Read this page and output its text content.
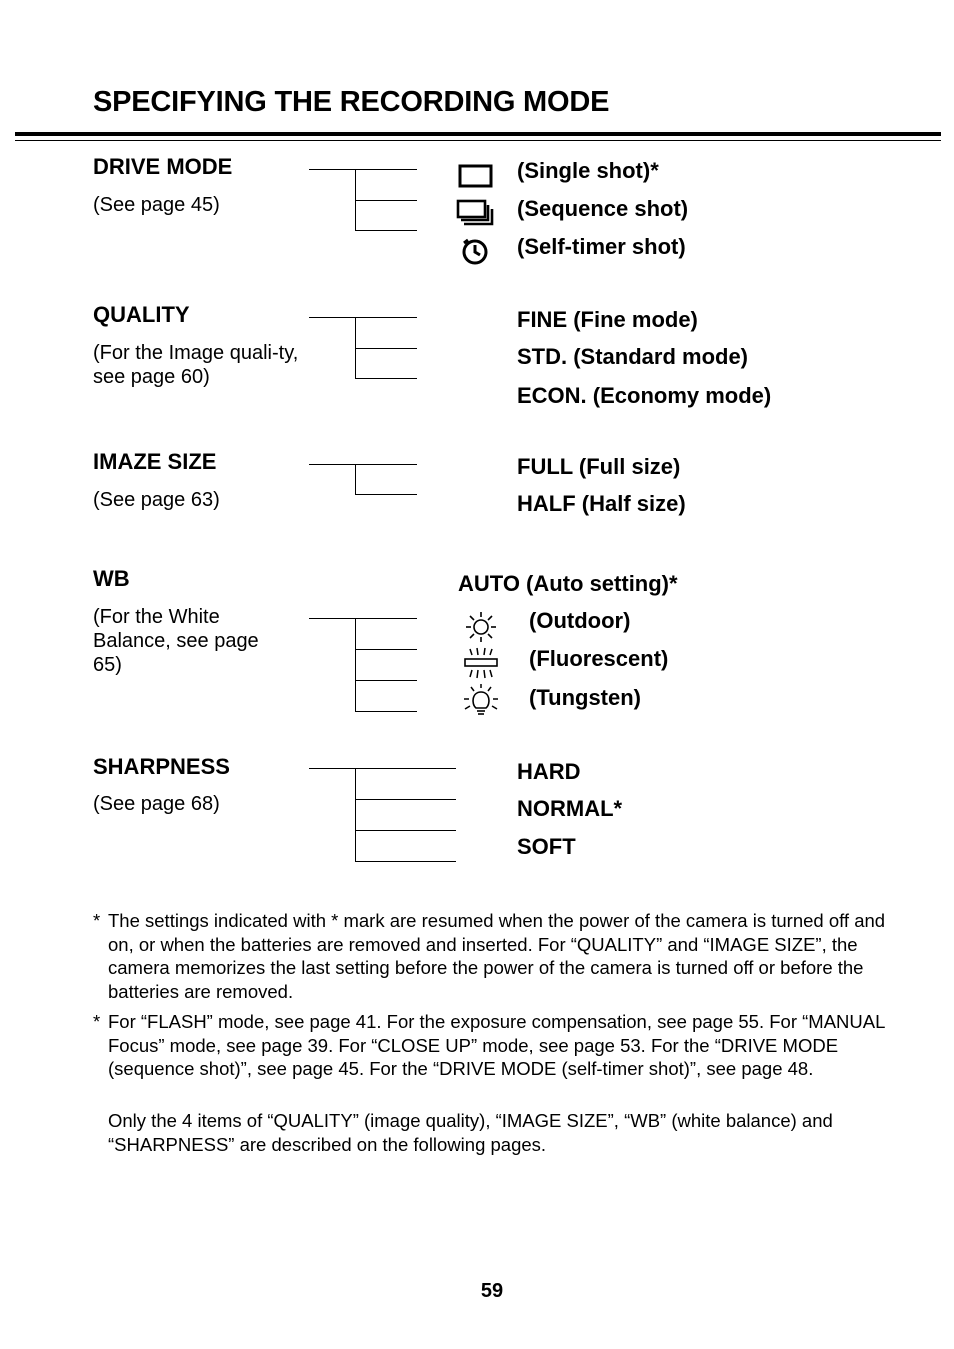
SPECIFYING THE RECORDING MODE
DRIVE MODE
(See page 45)
(Single shot)*
(Sequence shot)
(Self-timer shot)
QUALITY
(For the Image quali-ty, see page 60)
FINE (Fine mode)
STD. (Standard mode)
ECON. (Economy mode)
IMAZE SIZE
(See page 63)
FULL (Full size)
HALF (Half size)
WB
(For the White Balance, see page 65)
AUTO (Auto setting)*
(Outdoor)
(Fluorescent)
(Tungsten)
SHARPNESS
(See page 68)
HARD
NORMAL*
SOFT
* The settings indicated with * mark are resumed when the power of the camera is turned off and on, or when the batteries are removed and inserted. For “QUALITY” and “IMAGE SIZE”, the camera memorizes the last setting before the power of the camera is turned off or before the batteries are removed.
* For “FLASH” mode, see page 41. For the exposure compensation, see page 55. For “MANUAL Focus” mode, see page 39. For “CLOSE UP” mode, see page 53. For the “DRIVE MODE (sequence shot)”, see page 45. For the “DRIVE MODE (self-timer shot)”, see page 48.
Only the 4 items of “QUALITY” (image quality), “IMAGE SIZE”, “WB” (white balance) and “SHARPNESS” are described on the following pages.
59
